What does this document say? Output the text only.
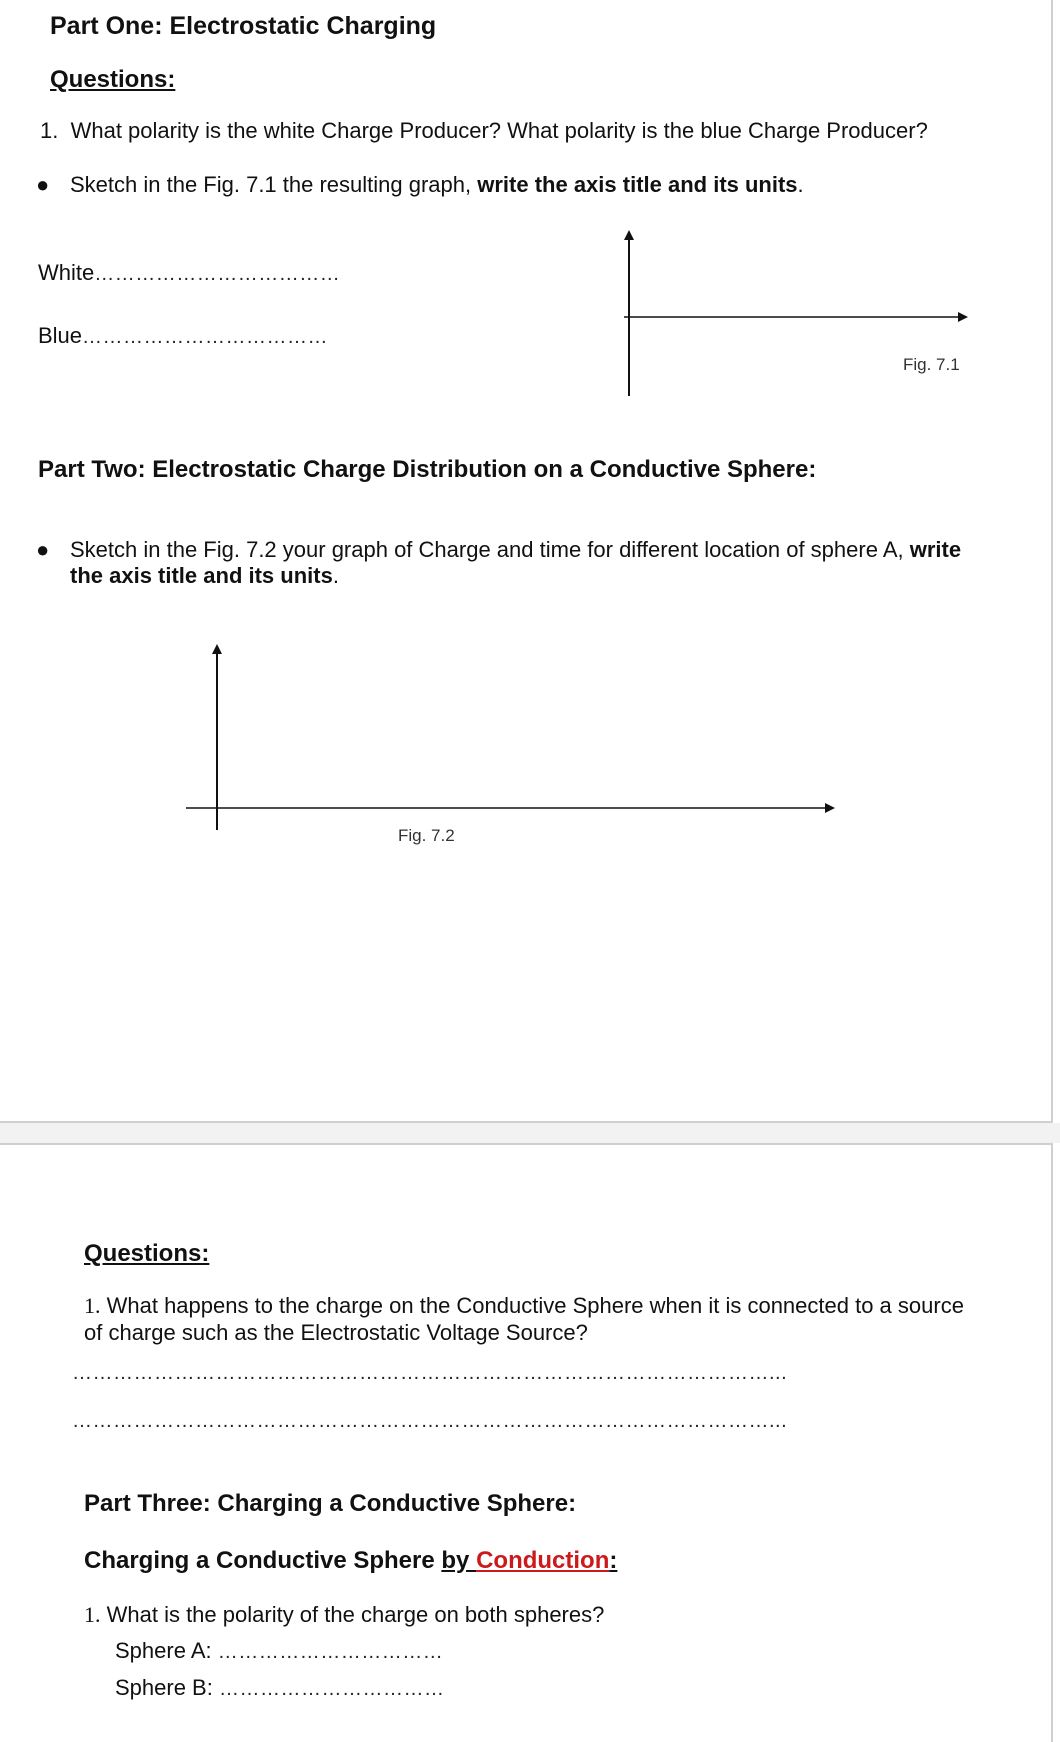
Part One: Electrostatic Charging
Questions:
1. What polarity is the white Charge Producer? What polarity is the blue Charge Producer?
● Sketch in the Fig. 7.1 the resulting graph, write the axis title and its units.
White………………………………
Blue………………………………
Fig. 7.1
Part Two: Electrostatic Charge Distribution on a Conductive Sphere:
● Sketch in the Fig. 7.2 your graph of Charge and time for different location of sphere A, write
the axis title and its units.
Fig. 7.2
Questions:
1. What happens to the charge on the Conductive Sphere when it is connected to a source
of charge such as the Electrostatic Voltage Source?
…………………………………………………………………………………………...
…………………………………………………………………………………………...
Part Three: Charging a Conductive Sphere:
Charging a Conductive Sphere by Conduction:
1. What is the polarity of the charge on both spheres?
Sphere A: ……………………………
Sphere B: ……………………………
